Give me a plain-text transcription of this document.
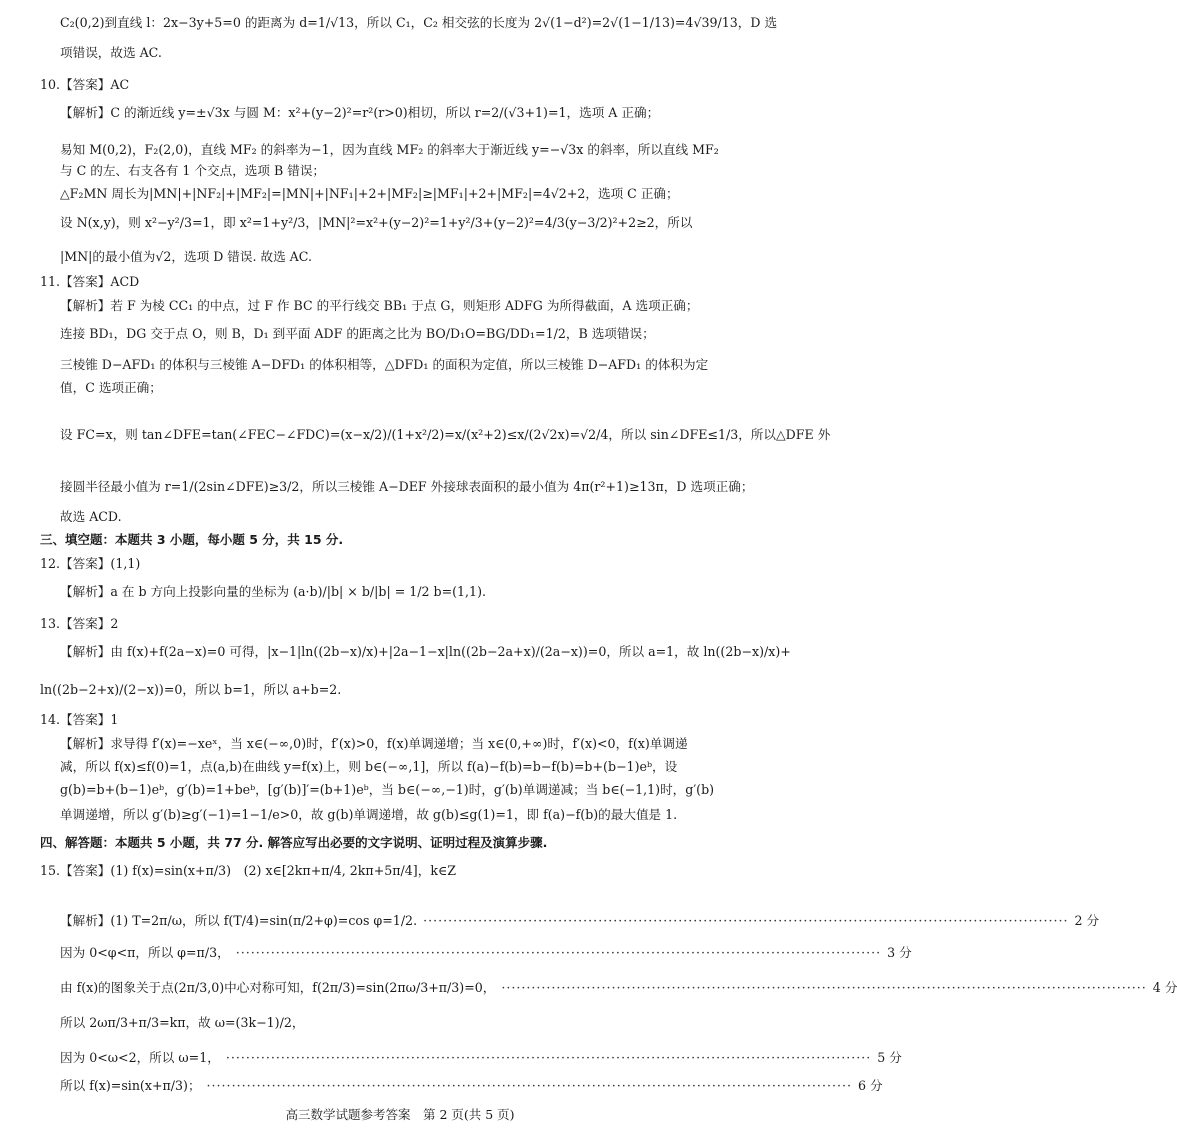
C₂(0,2)到直线 l：2x−3y+5=0 的距离为 d=1/√13，所以 C₁，C₂ 相交弦的长度为 2√(1−d²)=2√(1−1/13)=4√39/13，D 选
项错误，故选 AC.
10.【答案】AC
【解析】C 的渐近线 y=±√3x 与圆 M：x²+(y−2)²=r²(r>0)相切，所以 r=2/(√3+1)=1，选项 A 正确；
易知 M(0,2)，F₂(2,0)，直线 MF₂ 的斜率为−1，因为直线 MF₂ 的斜率大于渐近线 y=−√3x 的斜率，所以直线 MF₂
与 C 的左、右支各有 1 个交点，选项 B 错误；
△F₂MN 周长为|MN|+|NF₂|+|MF₂|=|MN|+|NF₁|+2+|MF₂|≥|MF₁|+2+|MF₂|=4√2+2，选项 C 正确；
设 N(x,y)，则 x²−y²/3=1，即 x²=1+y²/3，|MN|²=x²+(y−2)²=1+y²/3+(y−2)²=4/3(y−3/2)²+2≥2，所以
|MN|的最小值为√2，选项 D 错误. 故选 AC.
11.【答案】ACD
【解析】若 F 为棱 CC₁ 的中点，过 F 作 BC 的平行线交 BB₁ 于点 G，则矩形 ADFG 为所得截面，A 选项正确；
连接 BD₁，DG 交于点 O，则 B，D₁ 到平面 ADF 的距离之比为 BO/D₁O=BG/DD₁=1/2，B 选项错误；
三棱锥 D−AFD₁ 的体积与三棱锥 A−DFD₁ 的体积相等，△DFD₁ 的面积为定值，所以三棱锥 D−AFD₁ 的体积为定
值，C 选项正确；
设 FC=x，则 tan∠DFE=tan(∠FEC−∠FDC)=(x−x/2)/(1+x²/2)=x/(x²+2)≤x/(2√2x)=√2/4，所以 sin∠DFE≤1/3，所以△DFE 外
接圆半径最小值为 r=1/(2sin∠DFE)≥3/2，所以三棱锥 A−DEF 外接球表面积的最小值为 4π(r²+1)≥13π，D 选项正确；
故选 ACD.
三、填空题：本题共 3 小题，每小题 5 分，共 15 分.
12.【答案】(1,1)
【解析】a 在 b 方向上投影向量的坐标为 (a·b)/|b| × b/|b| = 1/2 b=(1,1).
13.【答案】2
【解析】由 f(x)+f(2a−x)=0 可得，|x−1|ln((2b−x)/x)+|2a−1−x|ln((2b−2a+x)/(2a−x))=0，所以 a=1，故 ln((2b−x)/x)+
ln((2b−2+x)/(2−x))=0，所以 b=1，所以 a+b=2.
14.【答案】1
【解析】求导得 f′(x)=−xeˣ，当 x∈(−∞,0)时，f′(x)>0，f(x)单调递增；当 x∈(0,+∞)时，f′(x)<0，f(x)单调递
减，所以 f(x)≤f(0)=1，点(a,b)在曲线 y=f(x)上，则 b∈(−∞,1]，所以 f(a)−f(b)=b−f(b)=b+(b−1)eᵇ，设
g(b)=b+(b−1)eᵇ，g′(b)=1+beᵇ，[g′(b)]′=(b+1)eᵇ，当 b∈(−∞,−1)时，g′(b)单调递减；当 b∈(−1,1)时，g′(b)
单调递增，所以 g′(b)≥g′(−1)=1−1/e>0，故 g(b)单调递增，故 g(b)≤g(1)=1，即 f(a)−f(b)的最大值是 1.
四、解答题：本题共 5 小题，共 77 分. 解答应写出必要的文字说明、证明过程及演算步骤.
15.【答案】(1) f(x)=sin(x+π/3)　(2) x∈[2kπ+π/4, 2kπ+5π/4]，k∈Z
所以 2ωπ/3+π/3=kπ，故 ω=(3k−1)/2，
【解析】(1) T=2π/ω，所以 f(T/4)=sin(π/2+φ)=cos φ=1/2. ································································································································· 2 分
因为 0<φ<π，所以 φ=π/3， ································································································································· 3 分
由 f(x)的图象关于点(2π/3,0)中心对称可知，f(2π/3)=sin(2πω/3+π/3)=0， ································································································································· 4 分
因为 0<ω<2，所以 ω=1， ································································································································· 5 分
所以 f(x)=sin(x+π/3)； ································································································································· 6 分
高三数学试题参考答案　第 2 页(共 5 页)
